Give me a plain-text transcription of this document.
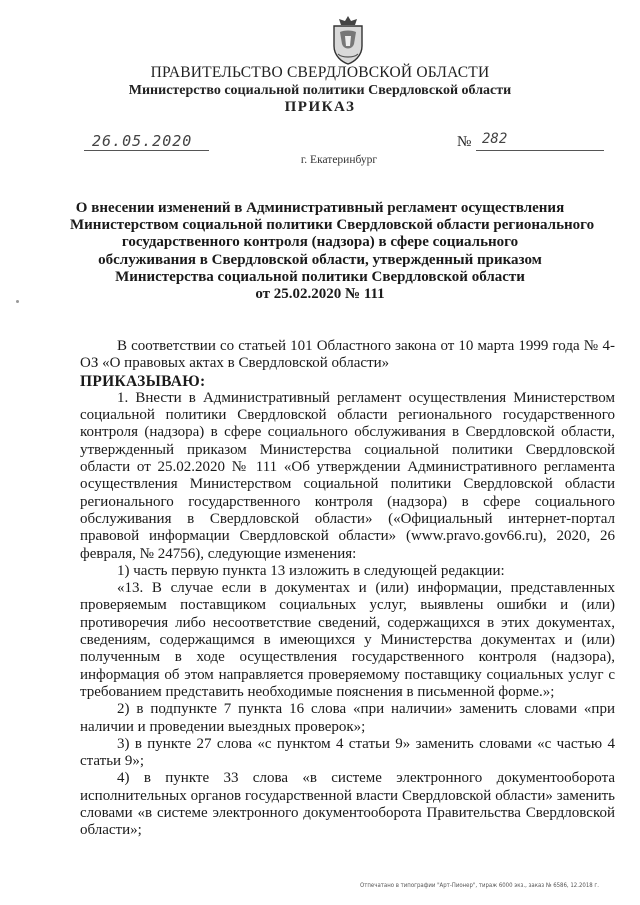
ПРАВИТЕЛЬСТВО СВЕРДЛОВСКОЙ ОБЛАСТИ
Министерство социальной политики Свердловской области
ПРИКАЗ
26.05.2020	№ 282
г. Екатеринбург
О внесении изменений в Административный регламент осуществления
Министерством социальной политики Свердловской области регионального
государственного контроля (надзора) в сфере социального
обслуживания в Свердловской области, утвержденный приказом
Министерства социальной политики Свердловской области
от 25.02.2020 № 111

В соответствии со статьей 101 Областного закона от 10 марта 1999 года № 4-ОЗ «О правовых актах в Свердловской области»

ПРИКАЗЫВАЮ:

1. Внести в Административный регламент осуществления Министерством социальной политики Свердловской области регионального государственного контроля (надзора) в сфере социального обслуживания в Свердловской области, утвержденный приказом Министерства социальной политики Свердловской области от 25.02.2020 № 111 «Об утверждении Административного регламента осуществления Министерством социальной политики Свердловской области регионального государственного контроля (надзора) в сфере социального обслуживания в Свердловской области» («Официальный интернет-портал правовой информации Свердловской области» (www.pravo.gov66.ru), 2020, 26 февраля, № 24756), следующие изменения:

1) часть первую пункта 13 изложить в следующей редакции:

«13. В случае если в документах и (или) информации, представленных проверяемым поставщиком социальных услуг, выявлены ошибки и (или) противоречия либо несоответствие сведений, содержащихся в этих документах, сведениям, содержащимся в имеющихся у Министерства документах и (или) полученным в ходе осуществления государственного контроля (надзора), информация об этом направляется проверяемому поставщику социальных услуг с требованием представить необходимые пояснения в письменной форме.»;

2) в подпункте 7 пункта 16 слова «при наличии» заменить словами «при наличии и проведении выездных проверок»;

3) в пункте 27 слова «с пунктом 4 статьи 9» заменить словами «с частью 4 статьи 9»;

4) в пункте 33 слова «в системе электронного документооборота исполнительных органов государственной власти Свердловской области» заменить словами «в системе электронного документооборота Правительства Свердловской области»;

Отпечатано в типографии "Арт-Пионер", тираж 6000 экз., заказ № 6586, 12.2018 г.
